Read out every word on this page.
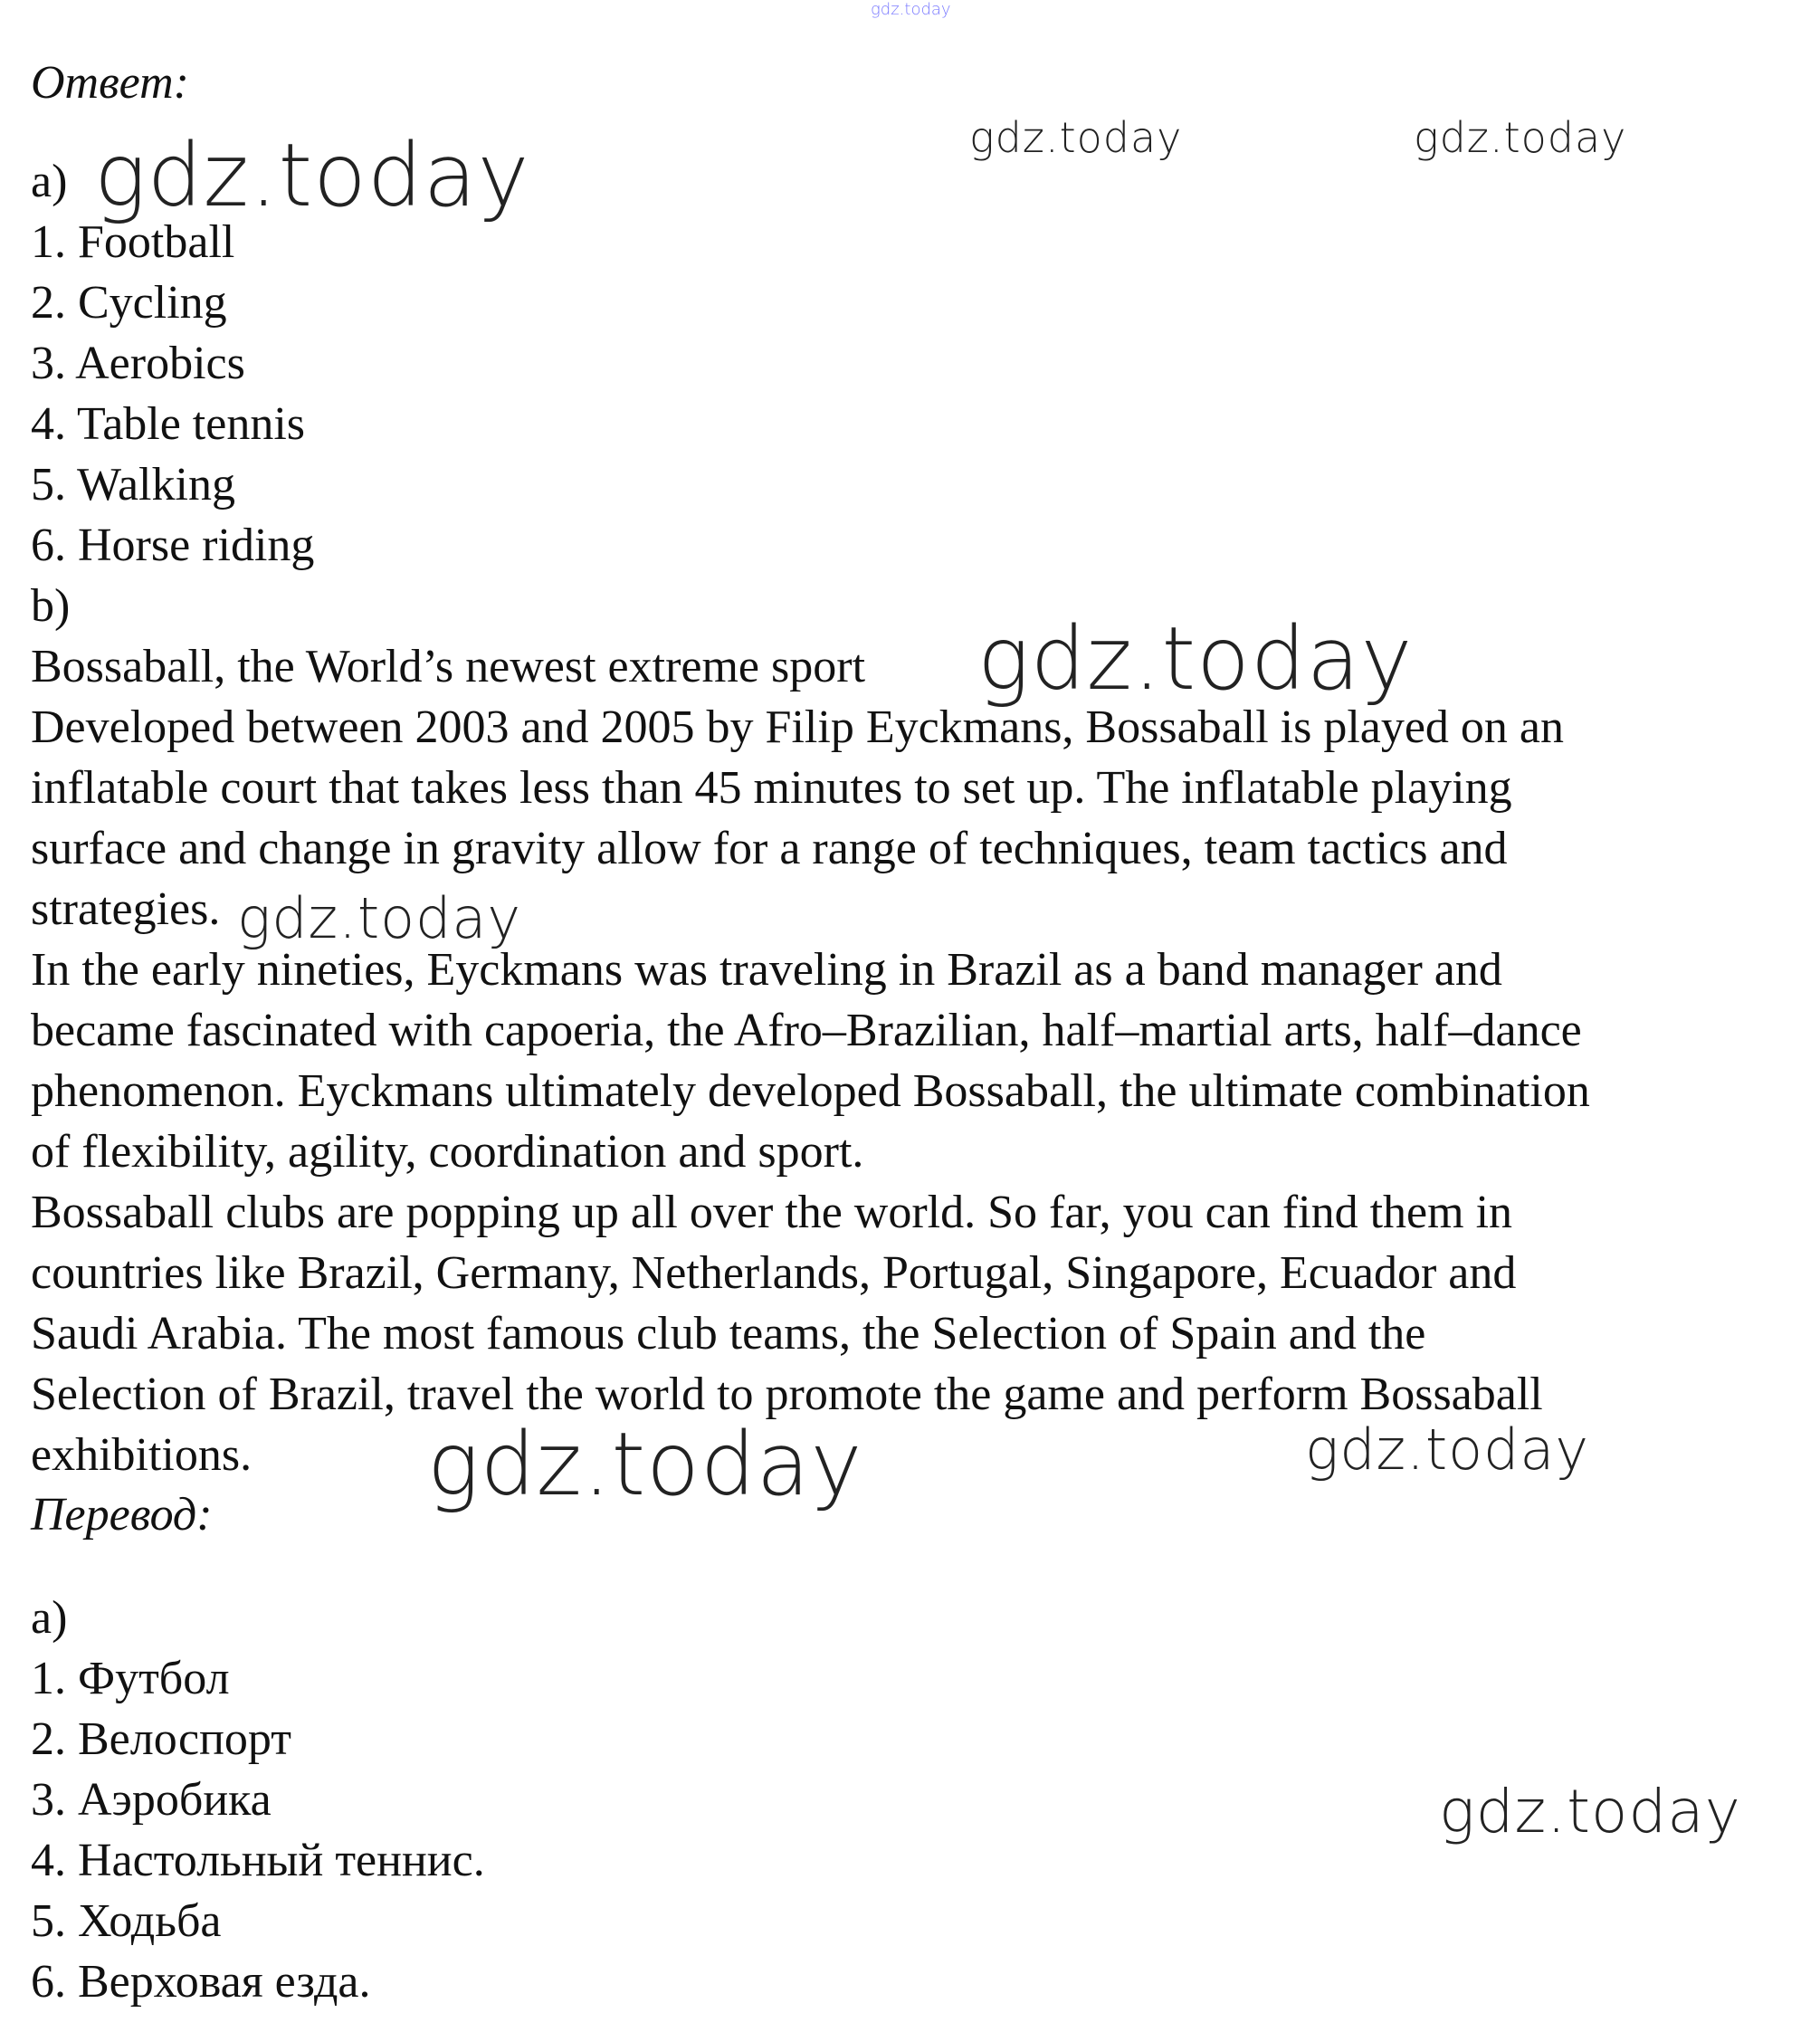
gdz.today
gdz.today	gdz.today
Ответ:
a) gdz.today
1. Football
2. Cycling
3. Aerobics
4. Table tennis
5. Walking
6. Horse riding
b)
Bossaball, the World’s newest extreme sport gdz.today
Developed between 2003 and 2005 by Filip Eyckmans, Bossaball is played on an
inflatable court that takes less than 45 minutes to set up. The inflatable playing
surface and change in gravity allow for a range of techniques, team tactics and
strategies. gdz.today
In the early nineties, Eyckmans was traveling in Brazil as a band manager and
became fascinated with capoeria, the Afro–Brazilian, half–martial arts, half–dance
phenomenon. Eyckmans ultimately developed Bossaball, the ultimate combination
of flexibility, agility, coordination and sport.
Bossaball clubs are popping up all over the world. So far, you can find them in
countries like Brazil, Germany, Netherlands, Portugal, Singapore, Ecuador and
Saudi Arabia. The most famous club teams, the Selection of Spain and the
Selection of Brazil, travel the world to promote the game and perform Bossaball
exhibitions.	gdz.today	gdz.today
Перевод:
a)
1. Футбол
2. Велоспорт
3. Аэробика
4. Настольный теннис.
5. Ходьба
6. Верховая езда.
gdz.today
